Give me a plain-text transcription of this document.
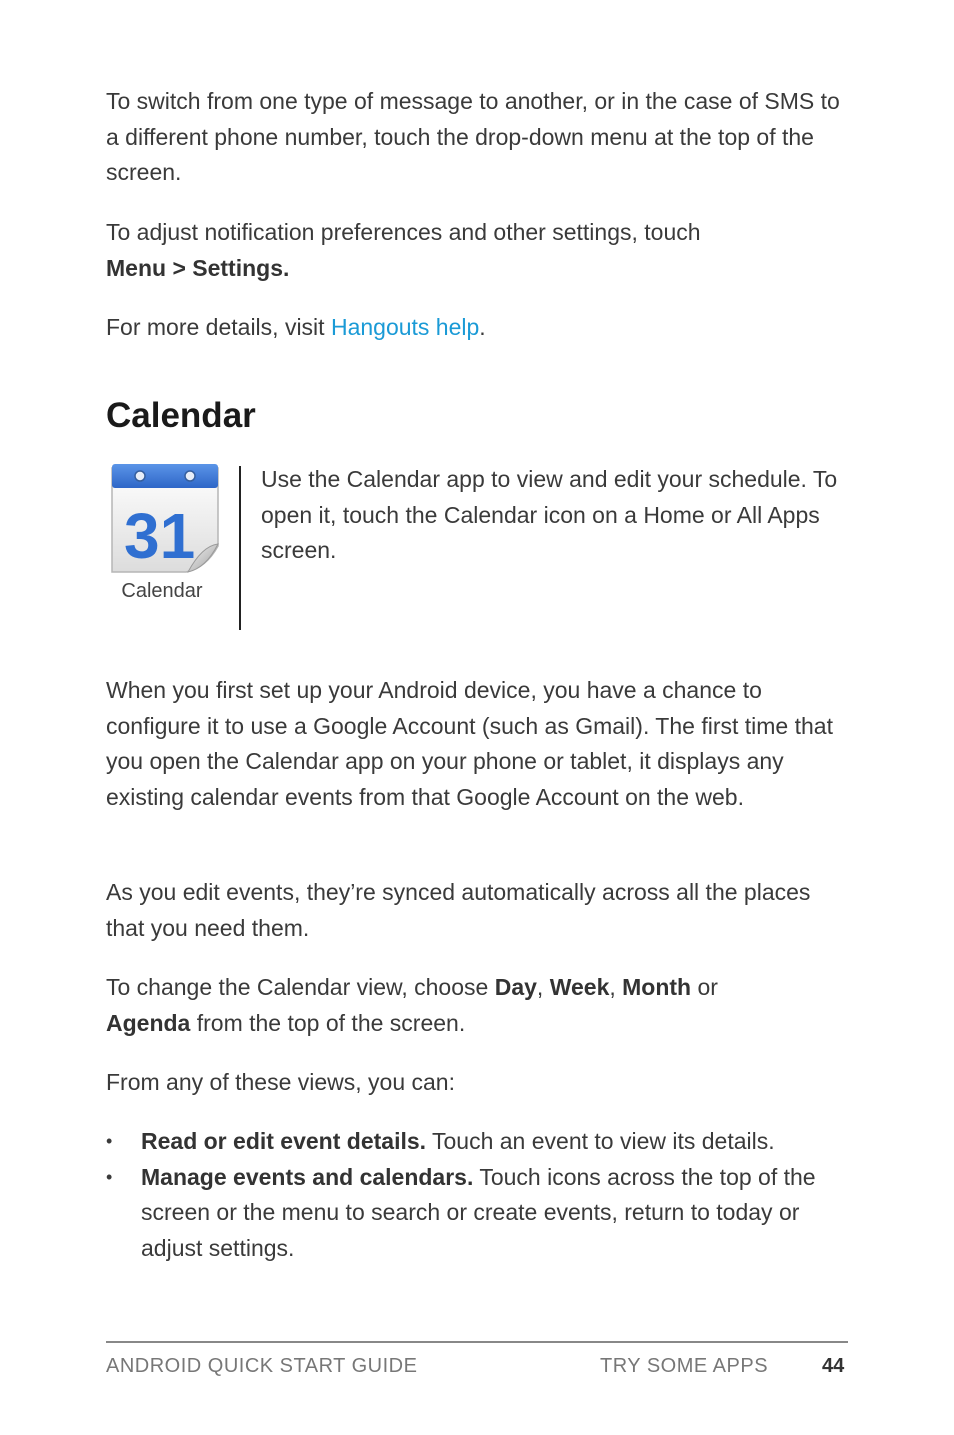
To switch from one type of message to another, or in the case of SMS to a different phone number, touch the drop-down menu at the top of the screen.

To adjust notification preferences and other settings, touch
Menu > Settings.

For more details, visit Hangouts help.

Calendar
31
Calendar

Use the Calendar app to view and edit your schedule. To open it, touch the Calendar icon on a Home or All Apps screen.

When you first set up your Android device, you have a chance to configure it to use a Google Account (such as Gmail). The first time that you open the Calendar app on your phone or tablet, it displays any existing calendar events from that Google Account on the web.

As you edit events, they’re synced automatically across all the places that you need them.

To change the Calendar view, choose Day, Week, Month or
Agenda from the top of the screen.

From any of these views, you can:

• Read or edit event details. Touch an event to view its details.
• Manage events and calendars. Touch icons across the top of the screen or the menu to search or create events, return to today or adjust settings.
ANDROID QUICK START GUIDE	TRY SOME APPS	44
